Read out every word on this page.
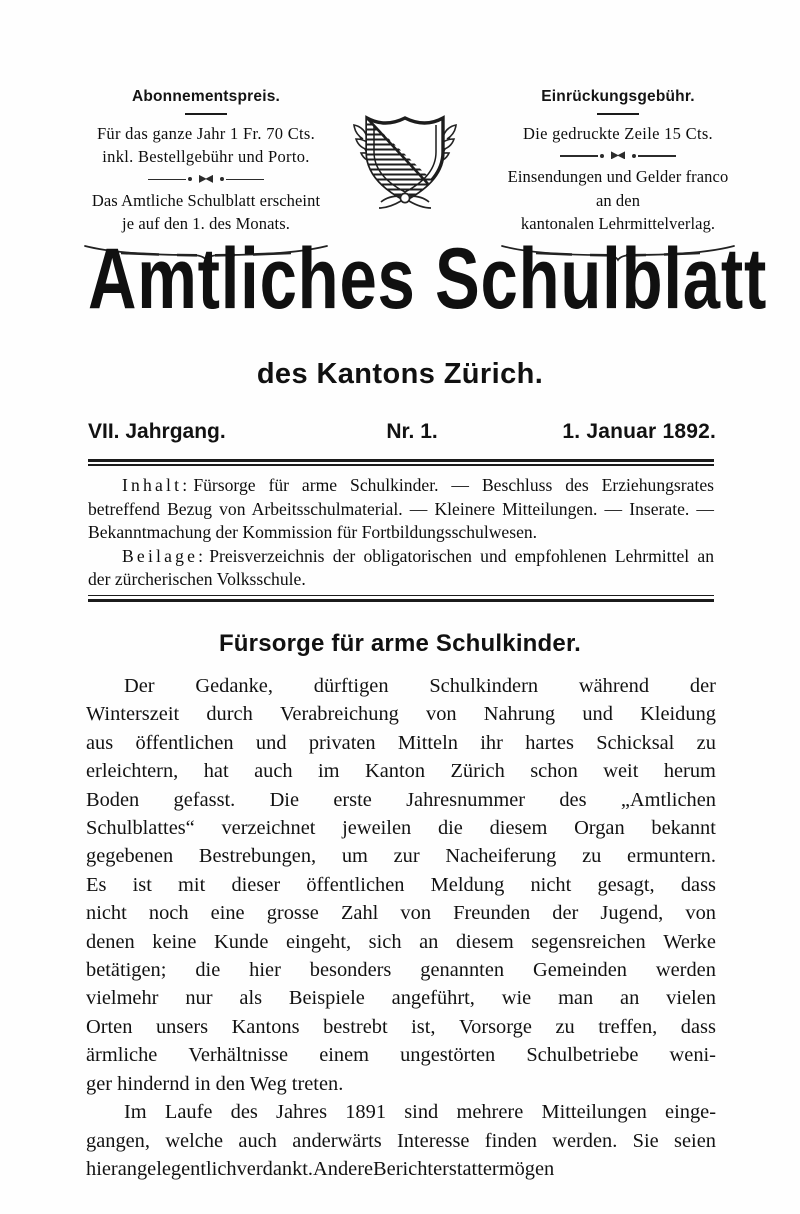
Abonnementspreis.
Für das ganze Jahr 1 Fr. 70 Cts.
inkl. Bestellgebühr und Porto.
Das Amtliche Schulblatt erscheint
je auf den 1. des Monats.
Einrückungsgebühr.
Die gedruckte Zeile 15 Cts.
Einsendungen und Gelder franco
an den
kantonalen Lehrmittelverlag.
Amtliches Schulblatt
des Kantons Zürich.
VII. Jahrgang.	Nr. 1.	1. Januar 1892.

Inhalt: Fürsorge für arme Schulkinder. — Beschluss des Erziehungsrates betreffend Bezug von Arbeitsschulmaterial. — Kleinere Mitteilungen. — Inserate. — Bekanntmachung der Kommission für Fortbildungsschulwesen.

Beilage: Preisverzeichnis der obligatorischen und empfohlenen Lehrmittel an der zürcherischen Volksschule.

Fürsorge für arme Schulkinder.
Der Gedanke, dürftigen Schulkindern während der
Winterszeit durch Verabreichung von Nahrung und Kleidung
aus öffentlichen und privaten Mitteln ihr hartes Schicksal zu
erleichtern, hat auch im Kanton Zürich schon weit herum
Boden gefasst. Die erste Jahresnummer des „Amtlichen
Schulblattes“ verzeichnet jeweilen die diesem Organ bekannt
gegebenen Bestrebungen, um zur Nacheiferung zu ermuntern.
Es ist mit dieser öffentlichen Meldung nicht gesagt, dass
nicht noch eine grosse Zahl von Freunden der Jugend, von
denen keine Kunde eingeht, sich an diesem segensreichen Werke
betätigen; die hier besonders genannten Gemeinden werden
vielmehr nur als Beispiele angeführt, wie man an vielen
Orten unsers Kantons bestrebt ist, Vorsorge zu treffen, dass
ärmliche Verhältnisse einem ungestörten Schulbetriebe weni-
ger hindernd in den Weg treten.
Im Laufe des Jahres 1891 sind mehrere Mitteilungen einge-
gangen, welche auch anderwärts Interesse finden werden. Sie seien
hier angelegentlich verdankt. Andere Berichterstatter mögen
